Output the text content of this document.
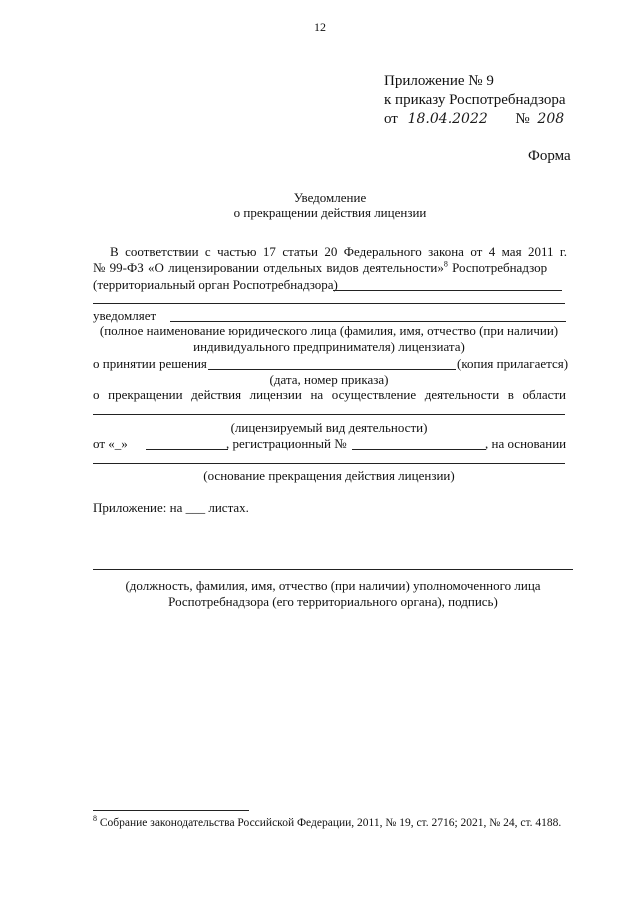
12
Приложение № 9
к приказу Роспотребнадзора
от 18.04.2022 № 208
Форма
Уведомление
о прекращении действия лицензии
В соответствии с частью 17 статьи 20 Федерального закона от 4 мая 2011 г.
№ 99-ФЗ «О лицензировании отдельных видов деятельности»$^8$ Роспотребнадзор
(территориальный орган Роспотребнадзора)
уведомляет
(полное наименование юридического лица (фамилия, имя, отчество (при наличии)
индивидуального предпринимателя) лицензиата)
о принятии решения	(копия прилагается)
(дата, номер приказа)
о прекращении действия лицензии на осуществление деятельности в области
(лицензируемый вид деятельности)
от «_»	, регистрационный №	, на основании
(основание прекращения действия лицензии)
Приложение: на ___ листах.
(должность, фамилия, имя, отчество (при наличии) уполномоченного лица
Роспотребнадзора (его территориального органа), подпись)
$^8$ Собрание законодательства Российской Федерации, 2011, № 19, ст. 2716; 2021, № 24, ст. 4188.
